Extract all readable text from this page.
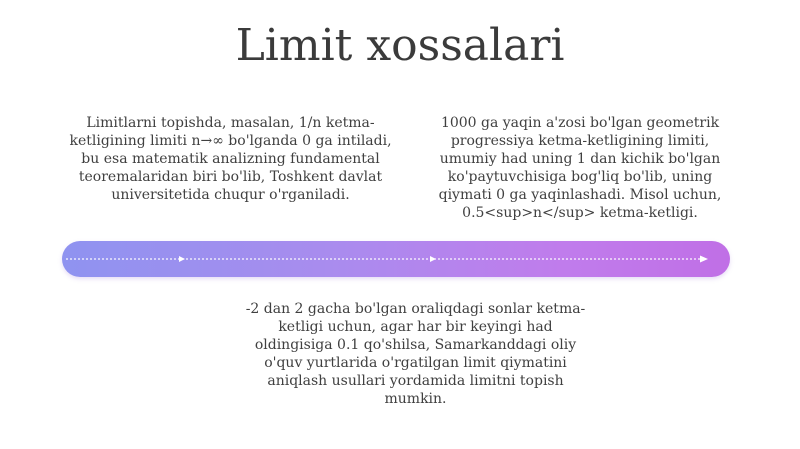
Limit xossalari
Limitlarni topishda, masalan, 1/n ketma-ketligining limiti n→∞ bo'lganda 0 ga intiladi, bu esa matematik analizning fundamental teoremalaridan biri bo'lib, Toshkent davlat universitetida chuqur o'rganiladi.
1000 ga yaqin a'zosi bo'lgan geometrik progressiya ketma-ketligining limiti, umumiy had uning 1 dan kichik bo'lgan ko'paytuvchisiga bog'liq bo'lib, uning qiymati 0 ga yaqinlashadi. Misol uchun, 0.5<sup>n</sup> ketma-ketligi.
-2 dan 2 gacha bo'lgan oraliqdagi sonlar ketma-ketligi uchun, agar har bir keyingi had oldingisiga 0.1 qo'shilsa, Samarkanddagi oliy o'quv yurtlarida o'rgatilgan limit qiymatini aniqlash usullari yordamida limitni topish mumkin.
